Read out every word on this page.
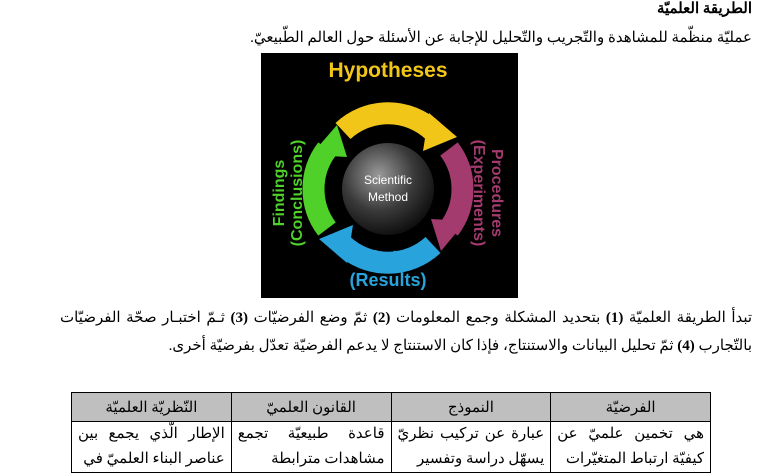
الطريقة العلميّة
عمليّة منظّمة للمشاهدة والتّجريب والتّحليل للإجابة عن الأسئلة حول العالم الطّبيعيّ.
Scientific
Method
Hypotheses
Procedures
(Experiments)
Data
(Results)
Findings (Conclusions)
تبدأ الطريقة العلميّة (1) بتحديد المشكلة وجمع المعلومات (2) ثمّ وضع الفرضيّات (3) ثـمّ اختبـار صحّة الفرضيّات بالتّجارب (4) ثمّ تحليل البيانات والاستنتاج، فإذا كان الاستنتاج لا يدعم الفرضيّة تعدّل بفرضيّة أخرى.
الفرضيّة	النموذج	القانون العلميّ	النّظريّة العلميّة
هي تخمين علميّ عن كيفيّة ارتباط المتغيّرات	عبارة عن تركيب نظريّ يسهّل دراسة وتفسير	قاعدة طبيعيّة تجمع مشاهدات مترابطة	الإطار الّذي يجمع بين عناصر البناء العلميّ في
